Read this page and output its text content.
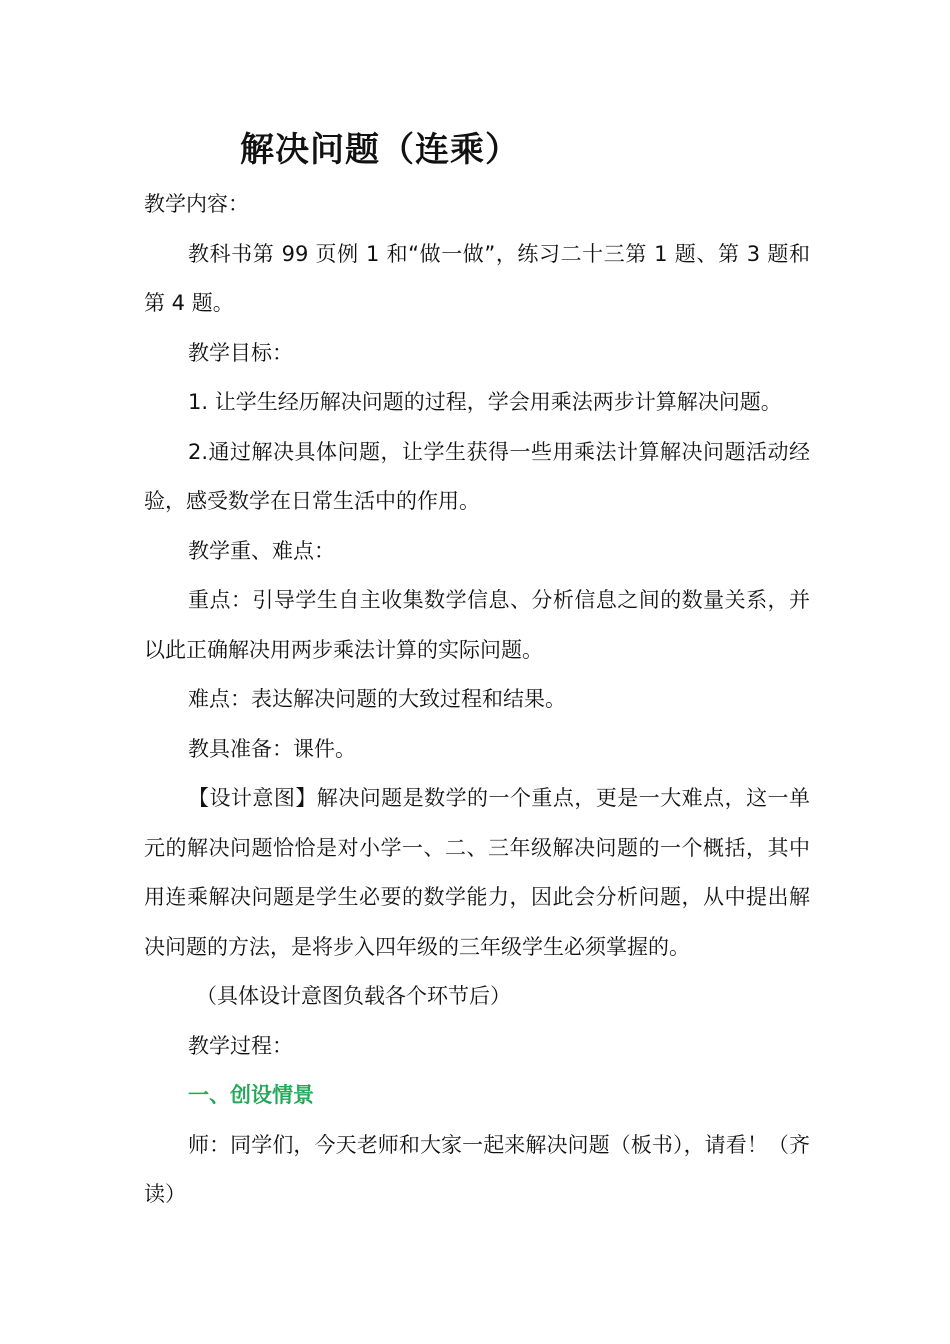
解决问题（连乘）

教学内容：

教科书第 99 页例 1 和“做一做”，练习二十三第 1 题、第 3 题和第 4 题。

教学目标：

1. 让学生经历解决问题的过程，学会用乘法两步计算解决问题。

2.通过解决具体问题，让学生获得一些用乘法计算解决问题活动经验，感受数学在日常生活中的作用。

教学重、难点：

重点：引导学生自主收集数学信息、分析信息之间的数量关系，并以此正确解决用两步乘法计算的实际问题。

难点：表达解决问题的大致过程和结果。

教具准备：课件。

【设计意图】解决问题是数学的一个重点，更是一大难点，这一单元的解决问题恰恰是对小学一、二、三年级解决问题的一个概括，其中用连乘解决问题是学生必要的数学能力，因此会分析问题，从中提出解决问题的方法，是将步入四年级的三年级学生必须掌握的。

（具体设计意图负载各个环节后）

教学过程：

一、创设情景

师：同学们，今天老师和大家一起来解决问题（板书），请看！（齐读）
